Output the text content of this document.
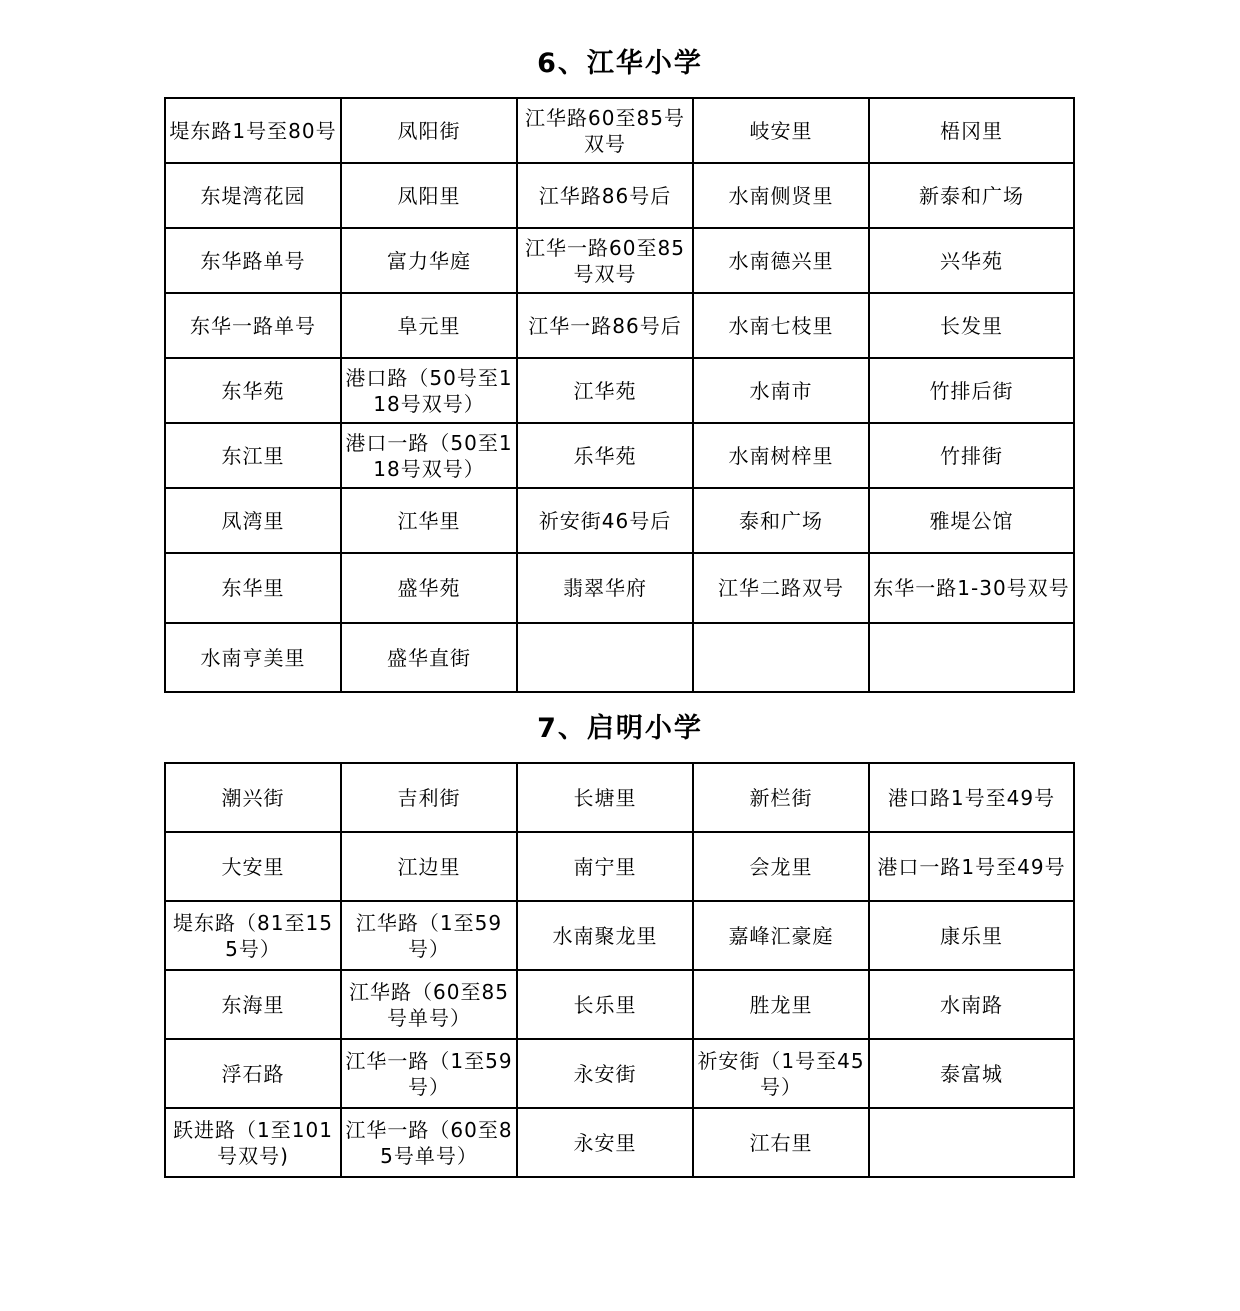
6、江华小学
堤东路1号至80号	凤阳街	江华路60至85号双号	岐安里	梧冈里
东堤湾花园	凤阳里	江华路86号后	水南侧贤里	新泰和广场
东华路单号	富力华庭	江华一路60至85号双号	水南德兴里	兴华苑
东华一路单号	阜元里	江华一路86号后	水南七枝里	长发里
东华苑	港口路（50号至118号双号）	江华苑	水南市	竹排后街
东江里	港口一路（50至118号双号）	乐华苑	水南树梓里	竹排街
凤湾里	江华里	祈安街46号后	泰和广场	雅堤公馆
东华里	盛华苑	翡翠华府	江华二路双号	东华一路1-30号双号
水南亨美里	盛华直街			
7、启明小学
潮兴街	吉利街	长塘里	新栏街	港口路1号至49号
大安里	江边里	南宁里	会龙里	港口一路1号至49号
堤东路（81至155号）	江华路（1至59号）	水南聚龙里	嘉峰汇豪庭	康乐里
东海里	江华路（60至85号单号）	长乐里	胜龙里	水南路
浮石路	江华一路（1至59号）	永安街	祈安街（1号至45号）	泰富城
跃进路（1至101号双号)	江华一路（60至85号单号）	永安里	江右里	
